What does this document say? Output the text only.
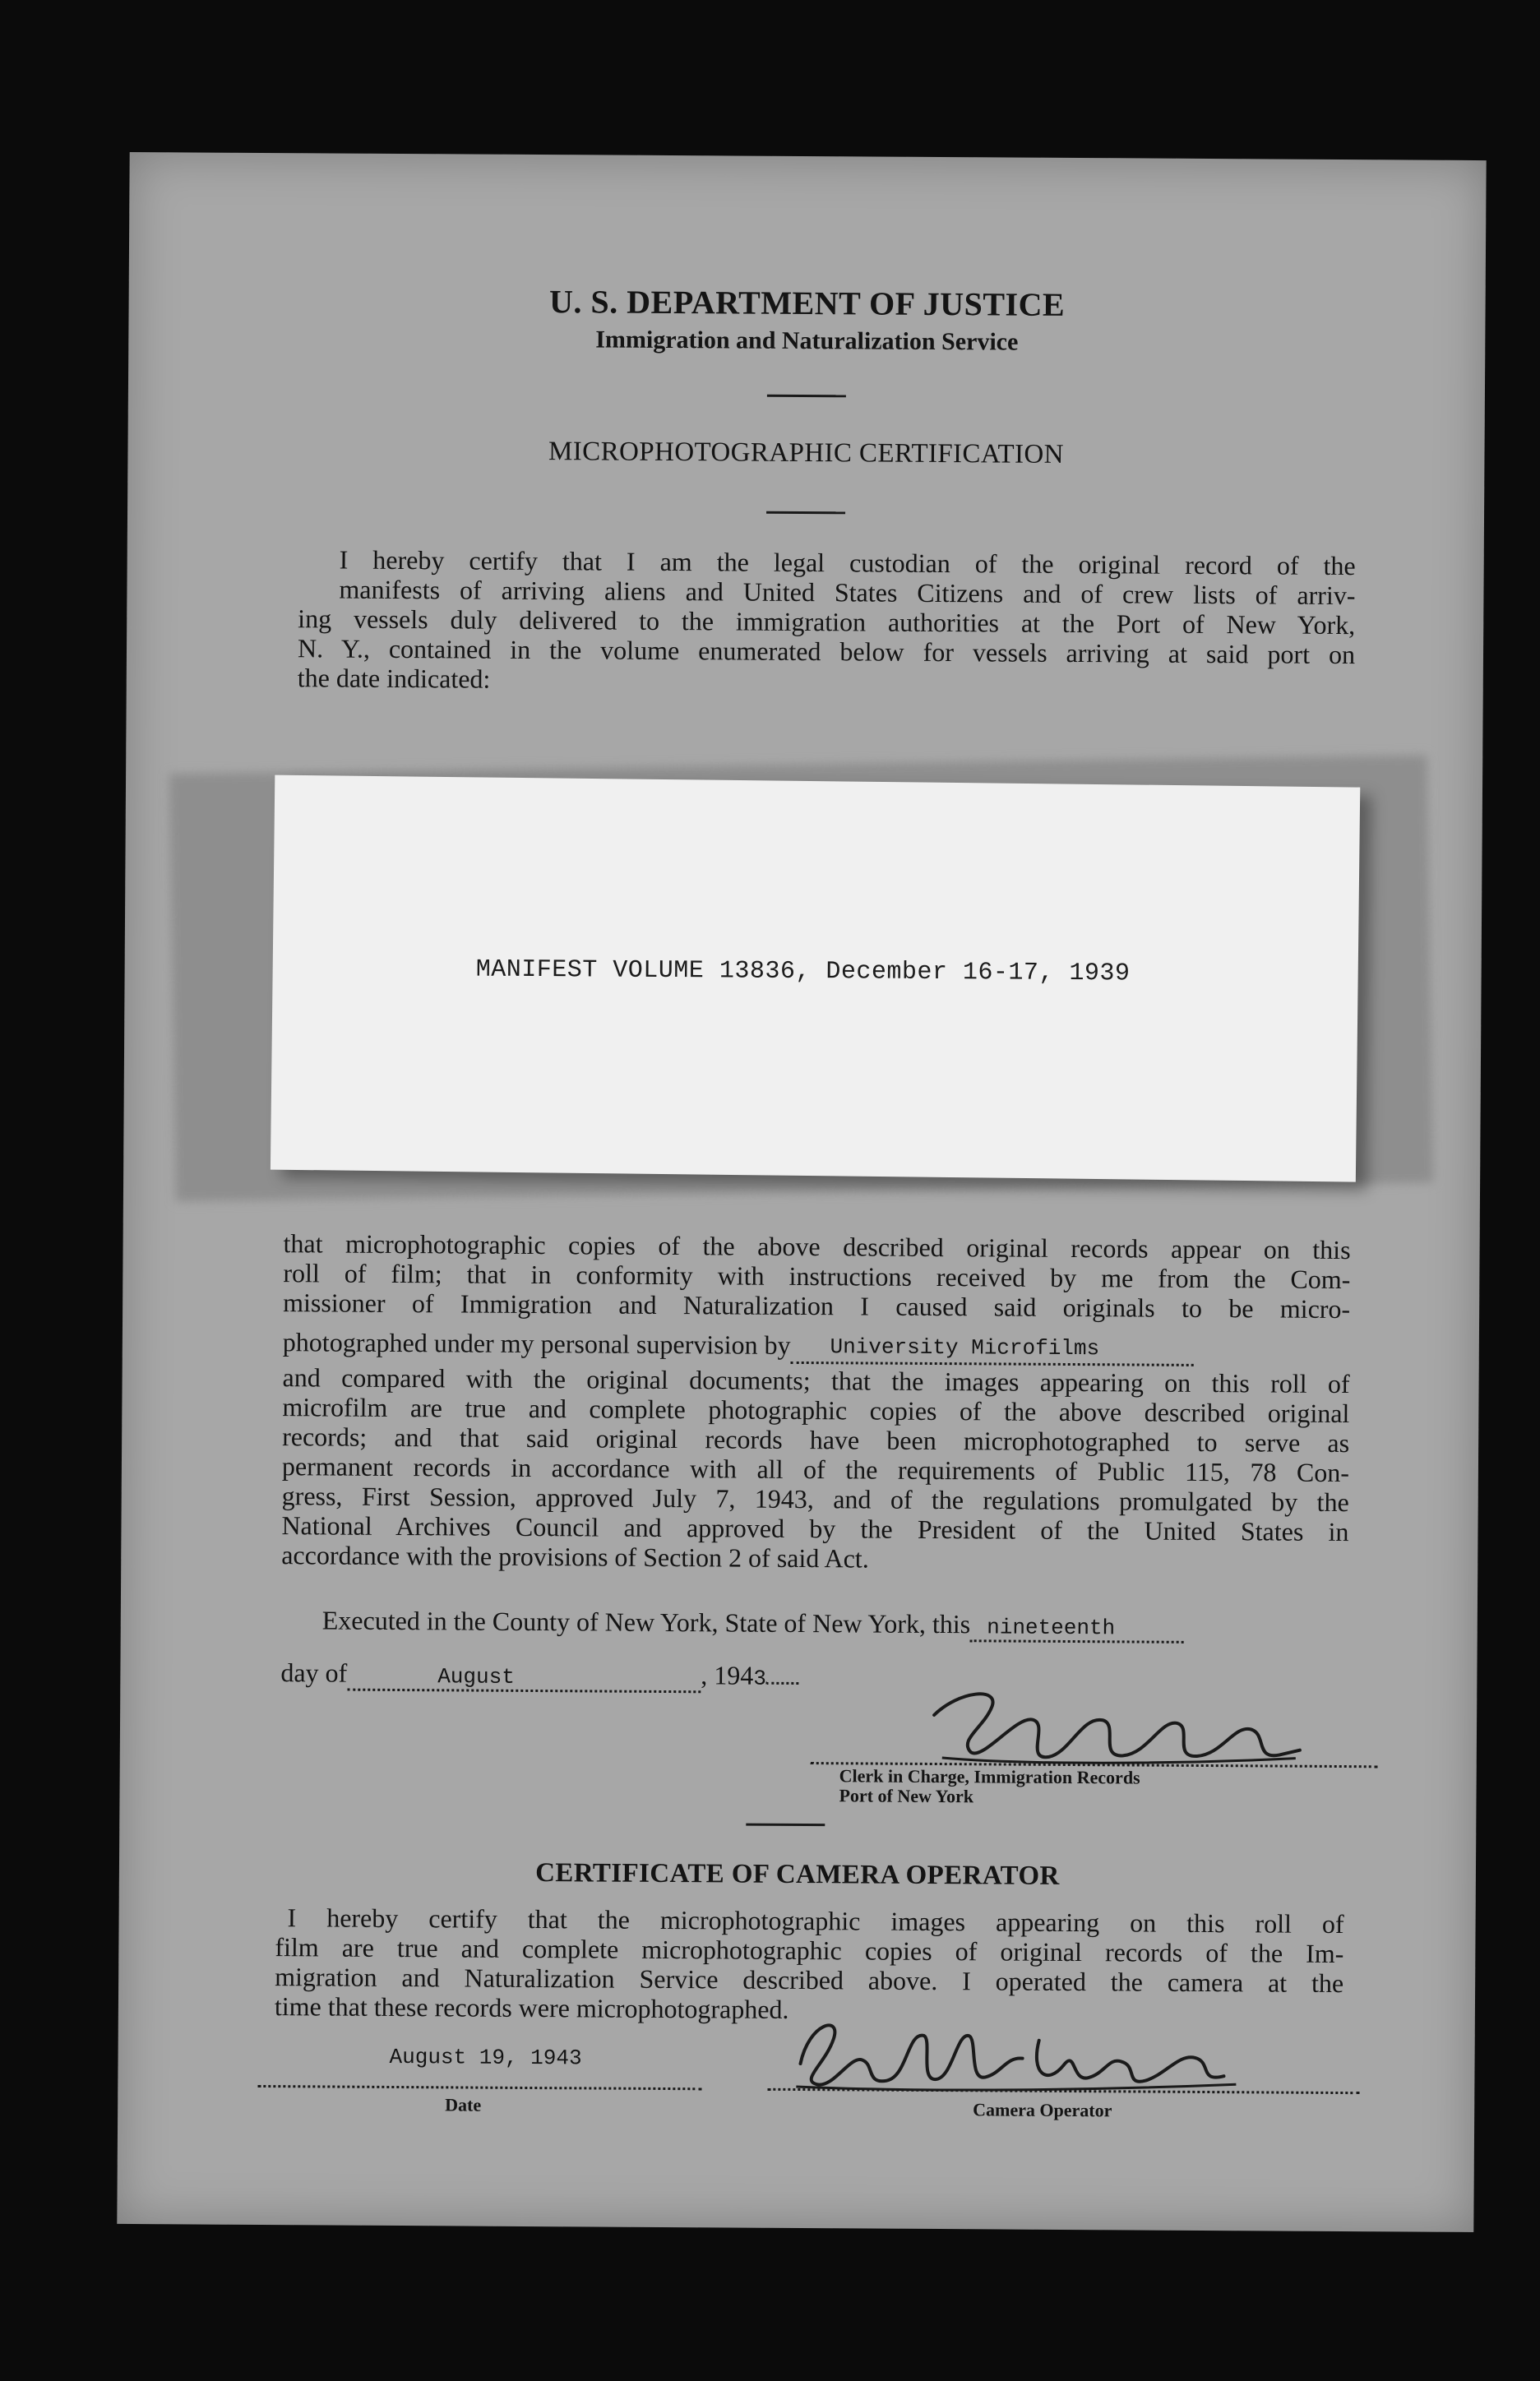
U. S. DEPARTMENT OF JUSTICE
Immigration and Naturalization Service
MICROPHOTOGRAPHIC CERTIFICATION
I hereby certify that I am the legal custodian of the original record of the
manifests of arriving aliens and United States Citizens and of crew lists of arriv-
ing vessels duly delivered to the immigration authorities at the Port of New York,
N. Y., contained in the volume enumerated below for vessels arriving at said port on
the date indicated:
MANIFEST VOLUME 13836, December 16-17, 1939
that microphotographic copies of the above described original records appear on this
roll of film; that in conformity with instructions received by me from the Com-
missioner of Immigration and Naturalization I caused said originals to be micro-
photographed under my personal supervision by University Microfilms
and compared with the original documents; that the images appearing on this roll of
microfilm are true and complete photographic copies of the above described original
records; and that said original records have been microphotographed to serve as
permanent records in accordance with all of the requirements of Public 115, 78 Con-
gress, First Session, approved July 7, 1943, and of the regulations promulgated by the
National Archives Council and approved by the President of the United States in
accordance with the provisions of Section 2 of said Act.
Executed in the County of New York, State of New York, this nineteenth
day of	August	, 1943
Clerk in Charge, Immigration Records
Port of New York
CERTIFICATE OF CAMERA OPERATOR
I hereby certify that the microphotographic images appearing on this roll of
film are true and complete microphotographic copies of original records of the Im-
migration and Naturalization Service described above. I operated the camera at the
time that these records were microphotographed.
August 19, 1943
Date	Camera Operator
